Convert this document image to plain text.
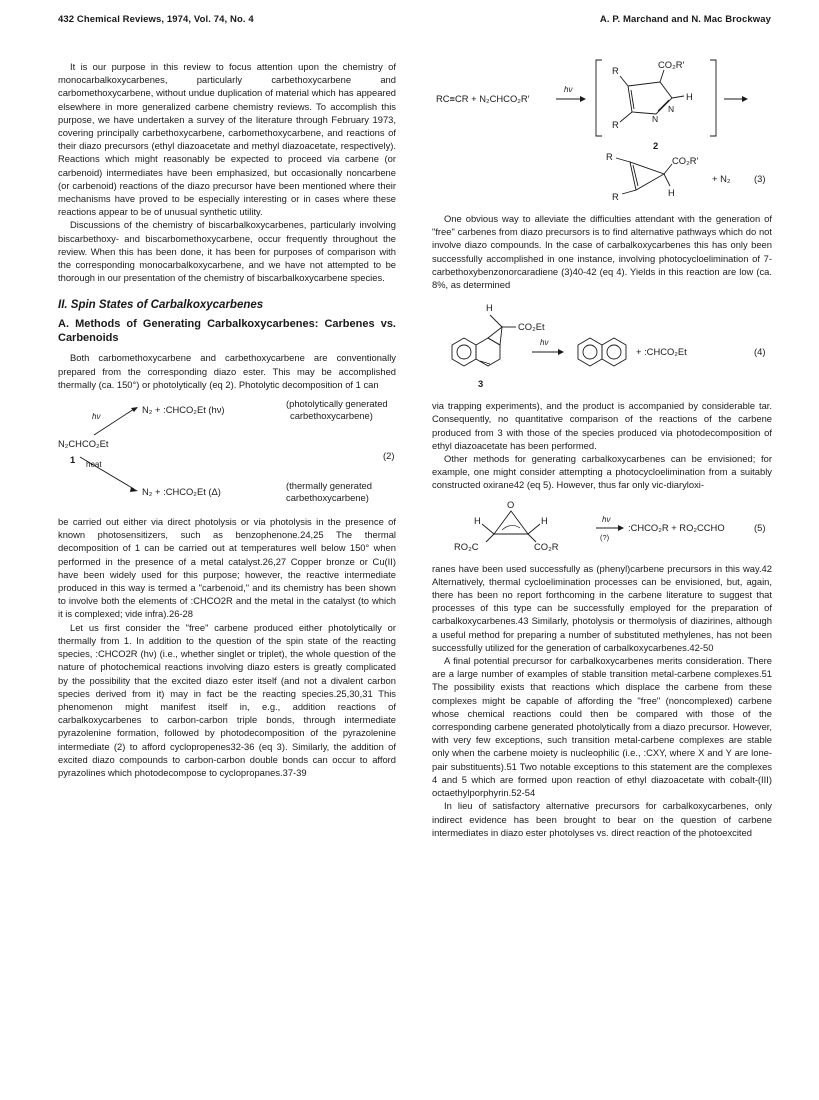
432 Chemical Reviews, 1974, Vol. 74, No. 4	A. P. Marchand and N. Mac Brockway

It is our purpose in this review to focus attention upon the chemistry of monocarbalkoxycarbenes, particularly carbethoxycarbene and carbomethoxycarbene, without undue duplication of material which has appeared elsewhere in more generalized carbene chemistry reviews. To accomplish this purpose, we have undertaken a survey of the literature through February 1973, covering principally carbethoxycarbene, carbomethoxycarbene, and reactions of their diazo precursors (ethyl diazoacetate and methyl diazoacetate, respectively). Reactions which might reasonably be expected to proceed via carbene (or carbenoid) intermediates have been emphasized, but occasionally noncarbene (or carbenoid) reactions of the diazo precursor have been mentioned where their mechanisms have proved to be especially interesting or in cases where these reactions appear to be of unusual synthetic utility.

Discussions of the chemistry of biscarbalkoxycarbenes, particularly involving biscarbethoxy- and biscarbomethoxycarbene, occur frequently throughout the review. When this has been done, it has been for purposes of comparison with the corresponding monocarbalkoxycarbene, and we have not attempted to be thorough in our presentation of the chemistry of biscarbalkoxycarbene species.

II. Spin States of Carbalkoxycarbenes
A. Methods of Generating Carbalkoxycarbenes: Carbenes vs. Carbenoids

Both carbomethoxycarbene and carbethoxycarbene are conventionally prepared from the corresponding diazo ester. This may be accomplished thermally (ca. 150°) or photolytically (eq 2). Photolytic decomposition of 1 can

hν
N₂ + :CHCO₂Et (hν)
(photolytically generated
carbethoxycarbene)
N₂CHCO₂Et
1	(2)
heat
N₂ + :CHCO₂Et (Δ)
(thermally generated
carbethoxycarbene)

be carried out either via direct photolysis or via photolysis in the presence of known photosensitizers, such as benzophenone.24,25 The thermal decomposition of 1 can be carried out at temperatures well below 150° when performed in the presence of a metal catalyst.26,27 Copper bronze or Cu(II) have been widely used for this purpose; however, the reactive intermediate produced in this way is termed a "carbenoid," and its chemistry has been shown to involve both the elements of :CHCO2R and the metal in the catalyst (to which it is complexed; vide infra).26-28

Let us first consider the "free" carbene produced either photolytically or thermally from 1. In addition to the question of the spin state of the reacting species, :CHCO2R (hν) (i.e., whether singlet or triplet), the whole question of the nature of photochemical reactions involving diazo esters is greatly complicated by the possibility that the excited diazo ester itself (and not a divalent carbon species derived from it) may in fact be the reacting species.25,30,31 This phenomenon might manifest itself in, e.g., addition reactions of carbalkoxycarbenes to carbon-carbon triple bonds, through intermediate pyrazolenine formation, followed by photodecomposition of the pyrazolenine intermediate (2) to afford cyclopropenes32-36 (eq 3). Similarly, the addition of excited diazo compounds to carbon-carbon double bonds can occur to afford pyrazolines which photodecompose to cyclopropanes.37-39

RC≡CR + N₂CHCO₂R′
hν
R
CO₂R′
H
N
N
R
2
R	CO₂R′
H
R
+ N₂	(3)

One obvious way to alleviate the difficulties attendant with the generation of "free" carbenes from diazo precursors is to find alternative pathways which do not involve diazo compounds. In the case of carbalkoxycarbenes this has only been successfully accomplished in one instance, involving photocycloelimination of 7-carbethoxybenzonorcaradiene (3)40-42 (eq 4). Yields in this reaction are low (ca. 8%, as determined

H
CO₂Et
3
hν
+ :CHCO₂Et	(4)

via trapping experiments), and the product is accompanied by considerable tar. Consequently, no quantitative comparison of the reactions of the carbene produced from 3 with those of the species produced via photodecomposition of ethyl diazoacetate has been performed.

Other methods for generating carbalkoxycarbenes can be envisioned; for example, one might consider attempting a photocycloelimination from a suitably constructed oxirane42 (eq 5). However, thus far only vic-diaryloxi-

O
H	H
RO₂C	CO₂R
hν
(?)
:CHCO₂R + RO₂CCHO	(5)

ranes have been used successfully as (phenyl)carbene precursors in this way.42 Alternatively, thermal cycloelimination processes can be envisioned, but, again, there has been no report forthcoming in the carbene literature to suggest that processes of this type can be successfully employed for the preparation of carbalkoxycarbenes.43 Similarly, photolysis or thermolysis of diazirines, although a useful method for preparing a number of substituted methylenes, has not been successfully utilized for the generation of carbalkoxycarbenes.42-50

A final potential precursor for carbalkoxycarbenes merits consideration. There are a large number of examples of stable transition metal-carbene complexes.51 The possibility exists that reactions which displace the carbene from these complexes might be capable of affording the "free" (noncomplexed) carbene whose chemical reactions could then be compared with those of the corresponding carbene generated photolytically from a diazo precursor. However, with very few exceptions, such transition metal-carbene complexes are stable only when the carbene moiety is nucleophilic (i.e., :CXY, where X and Y are lone-pair substituents).51 Two notable exceptions to this statement are the complexes 4 and 5 which are formed upon reaction of ethyl diazoacetate with cobalt-(III) octaethylporphyrin.52-54

In lieu of satisfactory alternative precursors for carbalkoxycarbenes, only indirect evidence has been brought to bear on the question of carbene intermediates in diazo ester photolyses vs. direct reaction of the photoexcited
